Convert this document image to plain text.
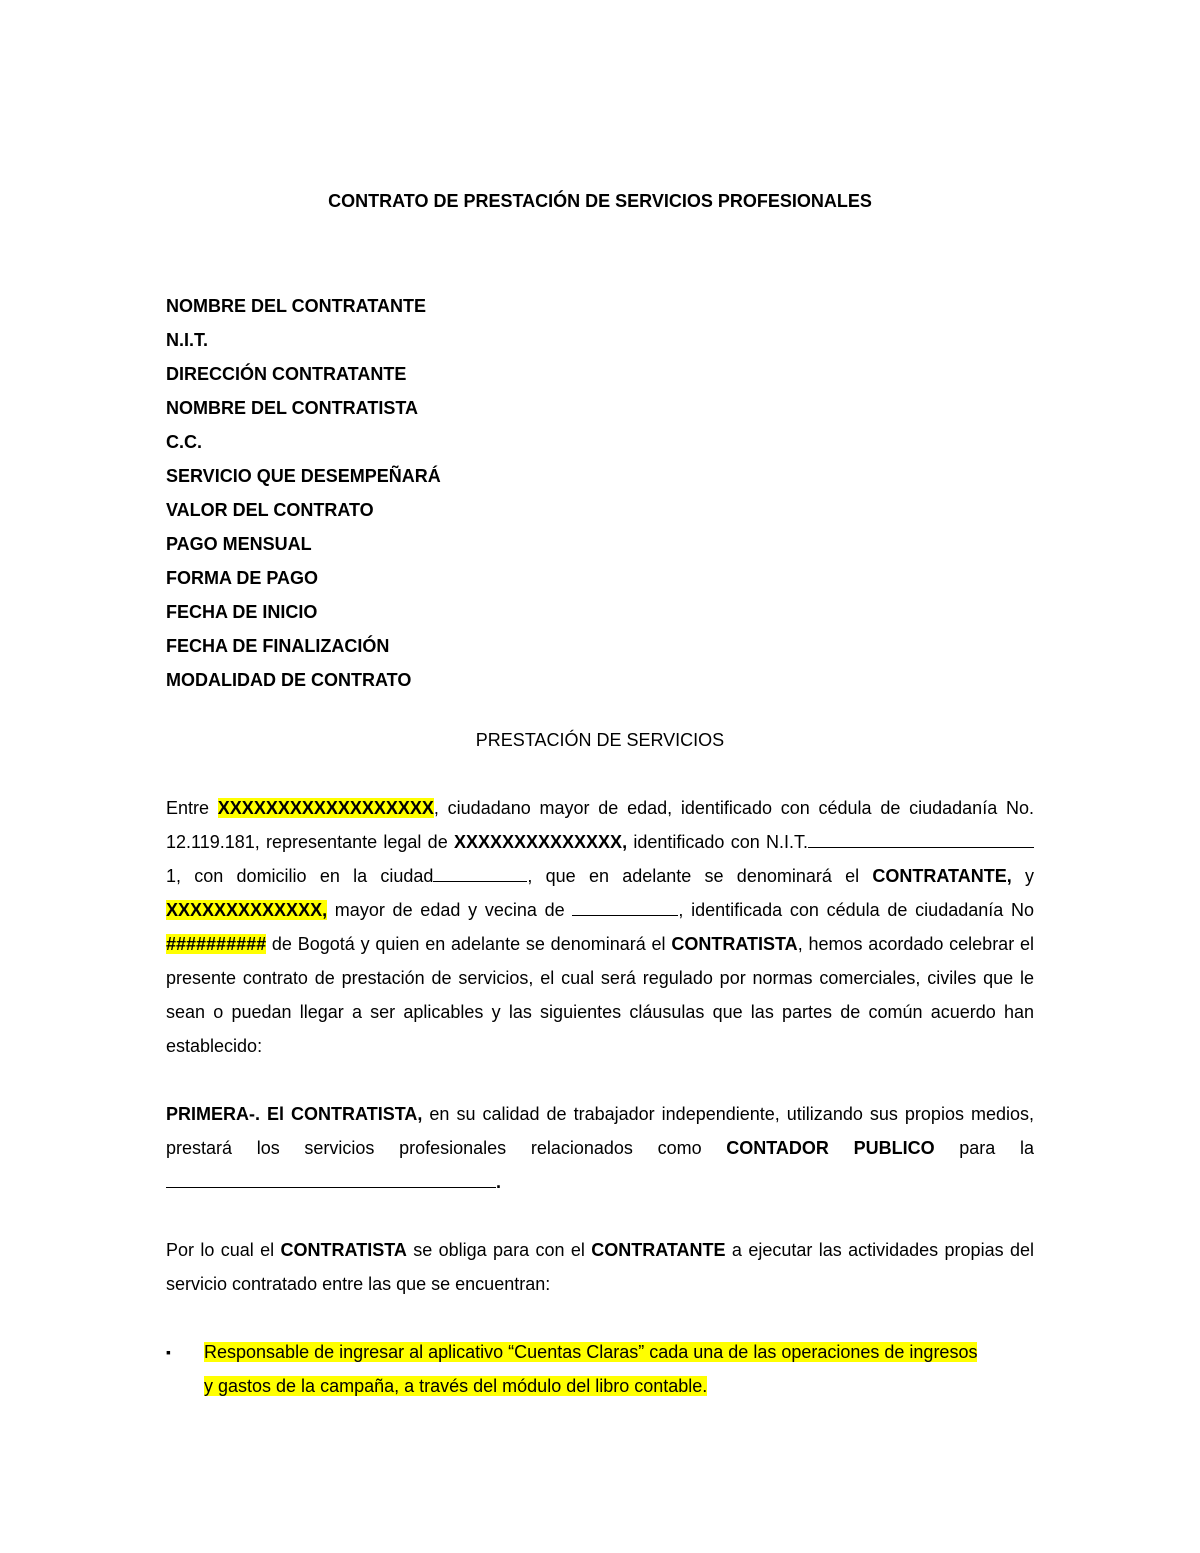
CONTRATO DE PRESTACIÓN DE SERVICIOS PROFESIONALES
NOMBRE DEL CONTRATANTE
N.I.T.
DIRECCIÓN CONTRATANTE
NOMBRE DEL CONTRATISTA
C.C.
SERVICIO QUE DESEMPEÑARÁ
VALOR DEL CONTRATO
PAGO MENSUAL
FORMA DE PAGO
FECHA DE INICIO
FECHA DE FINALIZACIÓN
MODALIDAD DE CONTRATO
PRESTACIÓN DE SERVICIOS

Entre XXXXXXXXXXXXXXXXXX, ciudadano mayor de edad, identificado con cédula de ciudadanía No. 12.119.181, representante legal de XXXXXXXXXXXXXX, identificado con N.I.T.1, con domicilio en la ciudad	, que en adelante se denominará el CONTRATANTE, y XXXXXXXXXXXXX, mayor de edad y vecina de	, identificada con cédula de ciudadanía No ########## de Bogotá y quien en adelante se denominará el CONTRATISTA, hemos acordado celebrar el presente contrato de prestación de servicios, el cual será regulado por normas comerciales, civiles que le sean o puedan llegar a ser aplicables y las siguientes cláusulas que las partes de común acuerdo han establecido:

PRIMERA-. El CONTRATISTA, en su calidad de trabajador independiente, utilizando sus propios medios, prestará los servicios profesionales relacionados como CONTADOR PUBLICO para la .

Por lo cual el CONTRATISTA se obliga para con el CONTRATANTE a ejecutar las actividades propias del servicio contratado entre las que se encuentran:

▪	Responsable de ingresar al aplicativo “Cuentas Claras” cada una de las operaciones de ingresos y gastos de la campaña, a través del módulo del libro contable.
